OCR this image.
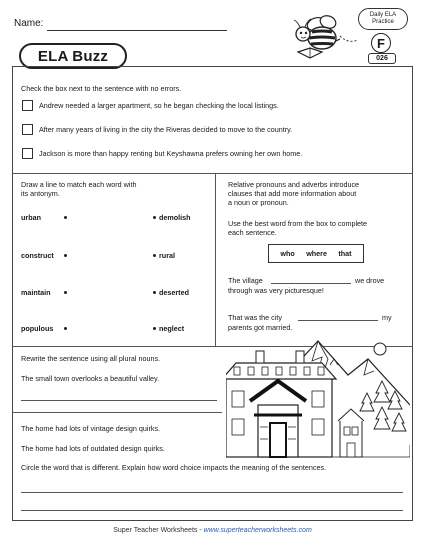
Name:
ELA Buzz
Daily ELA
Practice
F
026
Check the box next to the sentence with no errors.
Andrew needed a larger apartment, so he began checking the local listings.
After many years of living in the city the Riveras decided to move to the country.
Jackson is more than happy renting but Keyshawna prefers owning her own home.
Draw a line to match each word with
its antonym.
urban	demolish
construct	rural
maintain	deserted
populous	neglect
Relative pronouns and adverbs introduce
clauses that add more information about
a noun or pronoun.
Use the best word from the box to complete
each sentence.
who where that
The village	we drove
through was very picturesque!
That was the city	my
parents got married.
Rewrite the sentence using all plural nouns.
The small town overlooks a beautiful valley.
The home had lots of vintage design quirks.
The home had lots of outdated design quirks.
Circle the word that is different. Explain how word choice impacts the meaning of the sentences.
Super Teacher Worksheets - www.superteacherworksheets.com
